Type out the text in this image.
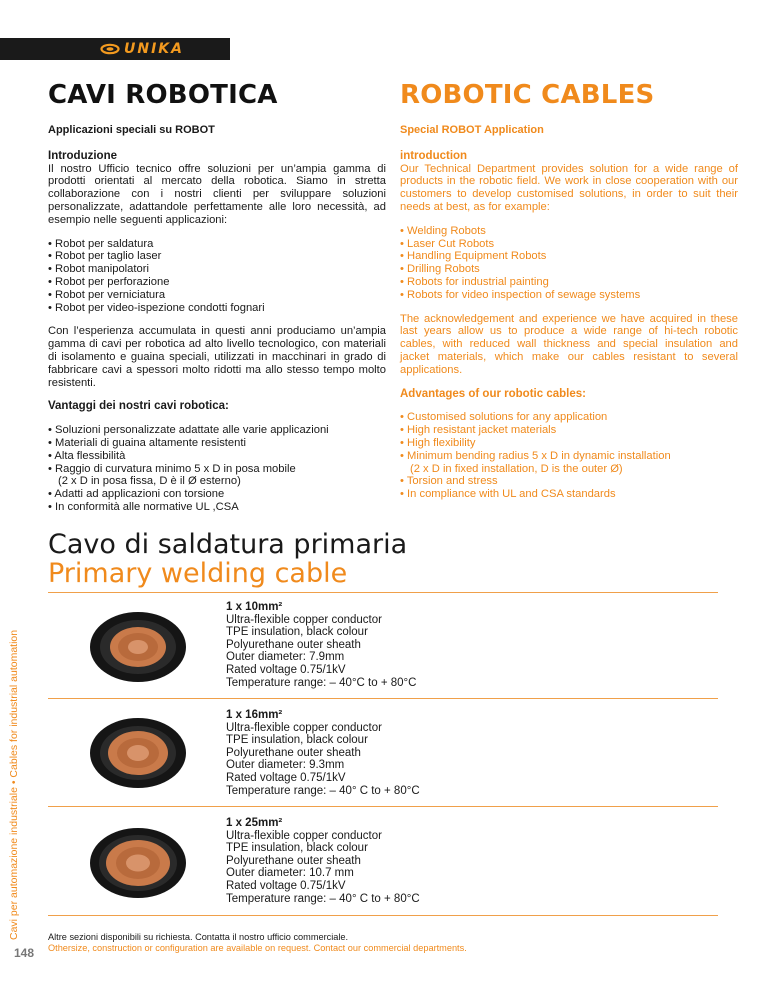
UNIKA
CAVI ROBOTICA
Applicazioni speciali su ROBOT
Introduzione

Il nostro Ufficio tecnico offre soluzioni per un’ampia gamma di prodotti orientati al mercato della robotica. Siamo in stretta collaborazione con i nostri clienti per sviluppare soluzioni personalizzate, adattandole perfettamente alle loro necessità, ad esempio nelle seguenti applicazioni:

• Robot per saldatura
• Robot per taglio laser
• Robot manipolatori
• Robot per perforazione
• Robot per verniciatura
• Robot per video-ispezione condotti fognari

Con l’esperienza accumulata in questi anni produciamo un’ampia gamma di cavi per robotica ad alto livello tecnologico, con materiali di isolamento e guaina speciali, utilizzati in macchinari in grado di fabbricare cavi a spessori molto ridotti ma allo stesso tempo molto resistenti.

Vantaggi dei nostri cavi robotica:
• Soluzioni personalizzate adattate alle varie applicazioni
• Materiali di guaina altamente resistenti
• Alta flessibilità
• Raggio di curvatura minimo 5 x D in posa mobile
(2 x D in posa fissa, D è il Ø esterno)
• Adatti ad applicazioni con torsione
• In conformità alle normative UL ,CSA
ROBOTIC CABLES
Special ROBOT Application
introduction

Our Technical Department provides solution for a wide range of products in the robotic field. We work in close cooperation with our customers to develop customised solutions, in order to suit their needs at best, as for example:

• Welding Robots
• Laser Cut Robots
• Handling Equipment Robots
• Drilling Robots
• Robots for industrial painting
• Robots for video inspection of sewage systems

The acknowledgement and experience we have acquired in these last years allow us to produce a wide range of hi-tech robotic cables, with reduced wall thickness and special insulation and jacket materials, which make our cables resistant to several applications.

Advantages of our robotic cables:
• Customised solutions for any application
• High resistant jacket materials
• High flexibility
• Minimum bending radius 5 x D in dynamic installation
(2 x D in fixed installation, D is the outer Ø)
• Torsion and stress
• In compliance with UL and CSA standards
Cavo di saldatura primaria
Primary welding cable
Cavi per automazione industriale • Cables for industrial automation
148
1 x 10mm²
Ultra-flexible copper conductor
TPE insulation, black colour
Polyurethane outer sheath
Outer diameter: 7.9mm
Rated voltage 0.75/1kV
Temperature range: – 40°C to + 80°C
1 x 16mm²
Ultra-flexible copper conductor
TPE insulation, black colour
Polyurethane outer sheath
Outer diameter: 9.3mm
Rated voltage 0.75/1kV
Temperature range: – 40° C to + 80°C
1 x 25mm²
Ultra-flexible copper conductor
TPE insulation, black colour
Polyurethane outer sheath
Outer diameter: 10.7 mm
Rated voltage 0.75/1kV
Temperature range: – 40° C to + 80°C
Altre sezioni disponibili su richiesta. Contatta il nostro ufficio commerciale.
Othersize, construction or configuration are available on request. Contact our commercial departments.
